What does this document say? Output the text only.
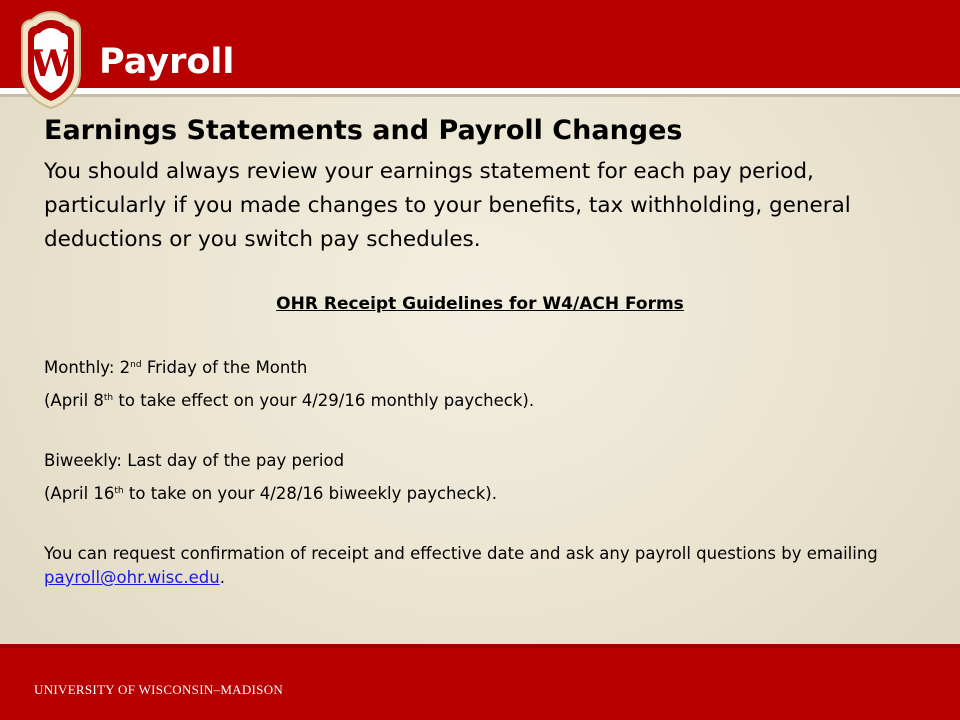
W Payroll
Earnings Statements and Payroll Changes
You should always review your earnings statement for each pay period, particularly if you made changes to your benefits, tax withholding, general deductions or you switch pay schedules.
OHR Receipt Guidelines for W4/ACH Forms
Monthly: 2nd Friday of the Month
(April 8th to take effect on your 4/29/16 monthly paycheck).
Biweekly: Last day of the pay period
(April 16th to take on your 4/28/16 biweekly paycheck).
You can request confirmation of receipt and effective date and ask any payroll questions by emailing payroll@ohr.wisc.edu.
UNIVERSITY OF WISCONSIN–MADISON
